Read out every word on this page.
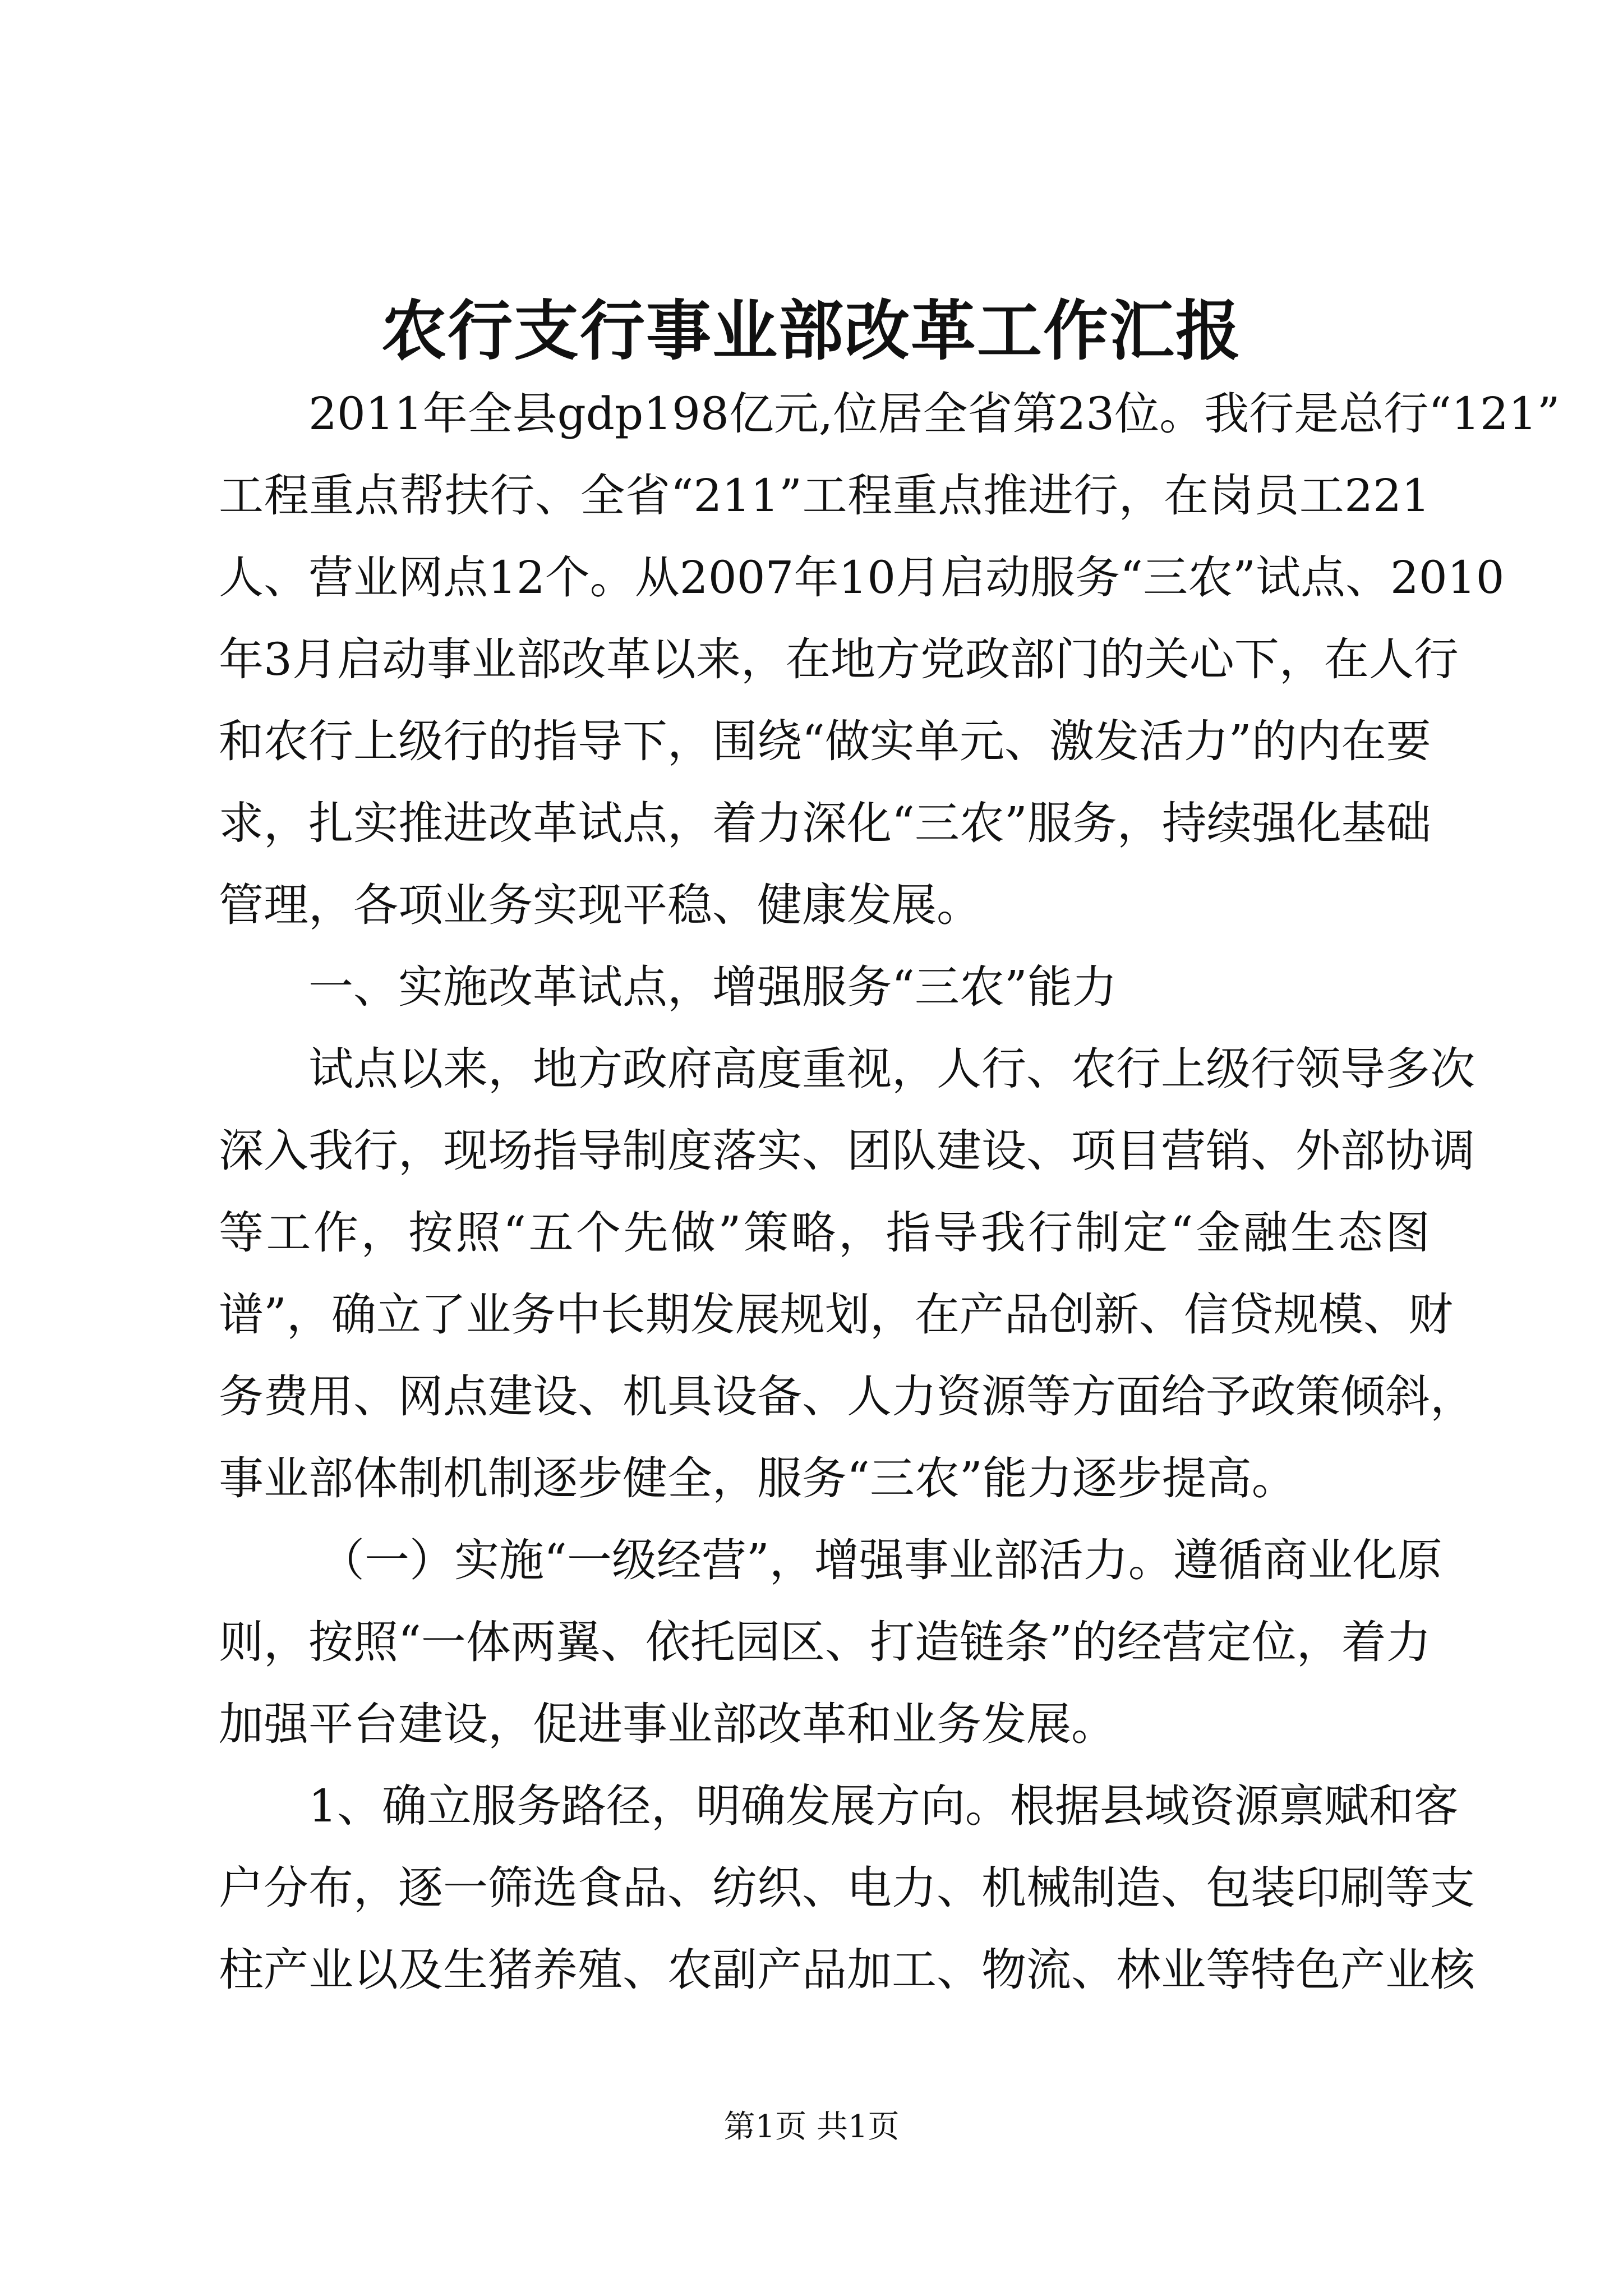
农行支行事业部改革工作汇报
2011年全县gdp198亿元,位居全省第23位。我行是总行“121”
工程重点帮扶行、全省“211”工程重点推进行，在岗员工221
人、营业网点12个。从2007年10月启动服务“三农”试点、2010
年3月启动事业部改革以来，在地方党政部门的关心下，在人行
和农行上级行的指导下，围绕“做实单元、激发活力”的内在要
求，扎实推进改革试点，着力深化“三农”服务，持续强化基础
管理，各项业务实现平稳、健康发展。
一、实施改革试点，增强服务“三农”能力
试点以来，地方政府高度重视，人行、农行上级行领导多次
深入我行，现场指导制度落实、团队建设、项目营销、外部协调
等工作，按照“五个先做”策略，指导我行制定“金融生态图
谱”，确立了业务中长期发展规划，在产品创新、信贷规模、财
务费用、网点建设、机具设备、人力资源等方面给予政策倾斜，
事业部体制机制逐步健全，服务“三农”能力逐步提高。
（一）实施“一级经营”，增强事业部活力。遵循商业化原
则，按照“一体两翼、依托园区、打造链条”的经营定位，着力
加强平台建设，促进事业部改革和业务发展。
1、确立服务路径，明确发展方向。根据县域资源禀赋和客
户分布，逐一筛选食品、纺织、电力、机械制造、包装印刷等支
柱产业以及生猪养殖、农副产品加工、物流、林业等特色产业核
第1页 共1页
